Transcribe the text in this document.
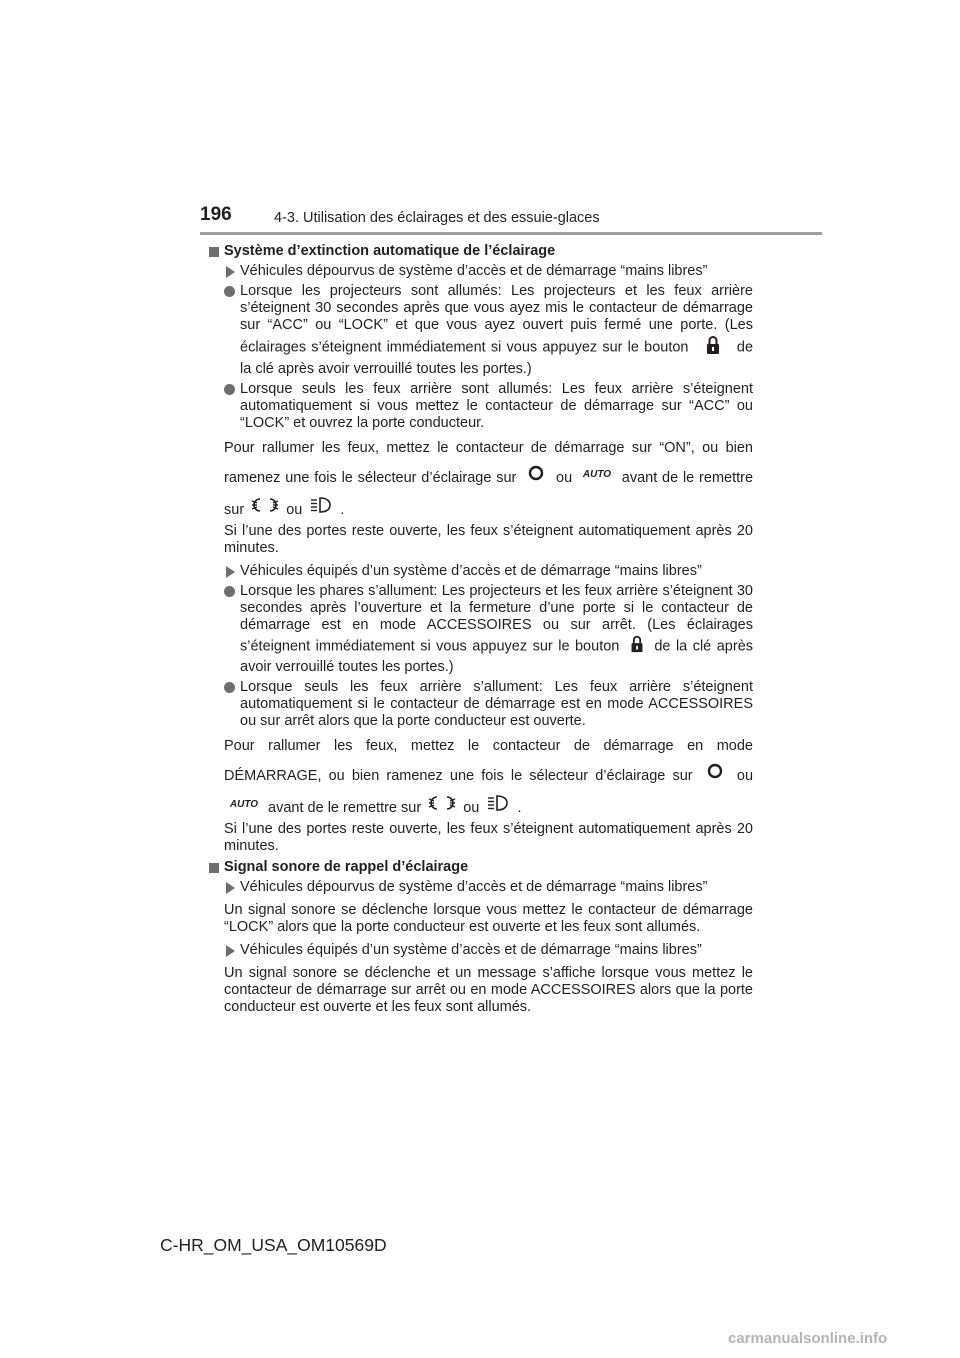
196	4-3. Utilisation des éclairages et des essuie-glaces
Système d’extinction automatique de l’éclairage
Véhicules dépourvus de système d’accès et de démarrage “mains libres”
Lorsque les projecteurs sont allumés: Les projecteurs et les feux arrière s’éteignent 30 secondes après que vous ayez mis le contacteur de démarrage sur “ACC” ou “LOCK” et que vous ayez ouvert puis fermé une porte. (Les éclairages s’éteignent immédiatement si vous appuyez sur le bouton	de la clé après avoir verrouillé toutes les portes.)
Lorsque seuls les feux arrière sont allumés: Les feux arrière s’éteignent automatiquement si vous mettez le contacteur de démarrage sur “ACC” ou “LOCK” et ouvrez la porte conducteur.
Pour rallumer les feux, mettez le contacteur de démarrage sur “ON”, ou bien ramenez une fois le sélecteur d’éclairage sur	ou AUTO avant de le remettre sur	ou	.
Si l’une des portes reste ouverte, les feux s’éteignent automatiquement après 20 minutes.
Véhicules équipés d’un système d’accès et de démarrage “mains libres”
Lorsque les phares s’allument: Les projecteurs et les feux arrière s’éteignent 30 secondes après l’ouverture et la fermeture d’une porte si le contacteur de démarrage est en mode ACCESSOIRES ou sur arrêt. (Les éclairages s’éteignent immédiatement si vous appuyez sur le bouton de la clé après avoir verrouillé toutes les portes.)
Lorsque seuls les feux arrière s’allument: Les feux arrière s’éteignent automatiquement si le contacteur de démarrage est en mode ACCESSOIRES ou sur arrêt alors que la porte conducteur est ouverte.
Pour rallumer les feux, mettez le contacteur de démarrage en mode DÉMARRAGE, ou bien ramenez une fois le sélecteur d’éclairage sur	ou
AUTO avant de le remettre sur	ou	.
Si l’une des portes reste ouverte, les feux s’éteignent automatiquement après 20 minutes.
Signal sonore de rappel d’éclairage
Véhicules dépourvus de système d’accès et de démarrage “mains libres”
Un signal sonore se déclenche lorsque vous mettez le contacteur de démarrage “LOCK” alors que la porte conducteur est ouverte et les feux sont allumés.
Véhicules équipés d’un système d’accès et de démarrage “mains libres”
Un signal sonore se déclenche et un message s’affiche lorsque vous mettez le contacteur de démarrage sur arrêt ou en mode ACCESSOIRES alors que la porte conducteur est ouverte et les feux sont allumés.
C-HR_OM_USA_OM10569D
carmanualsonline.info
